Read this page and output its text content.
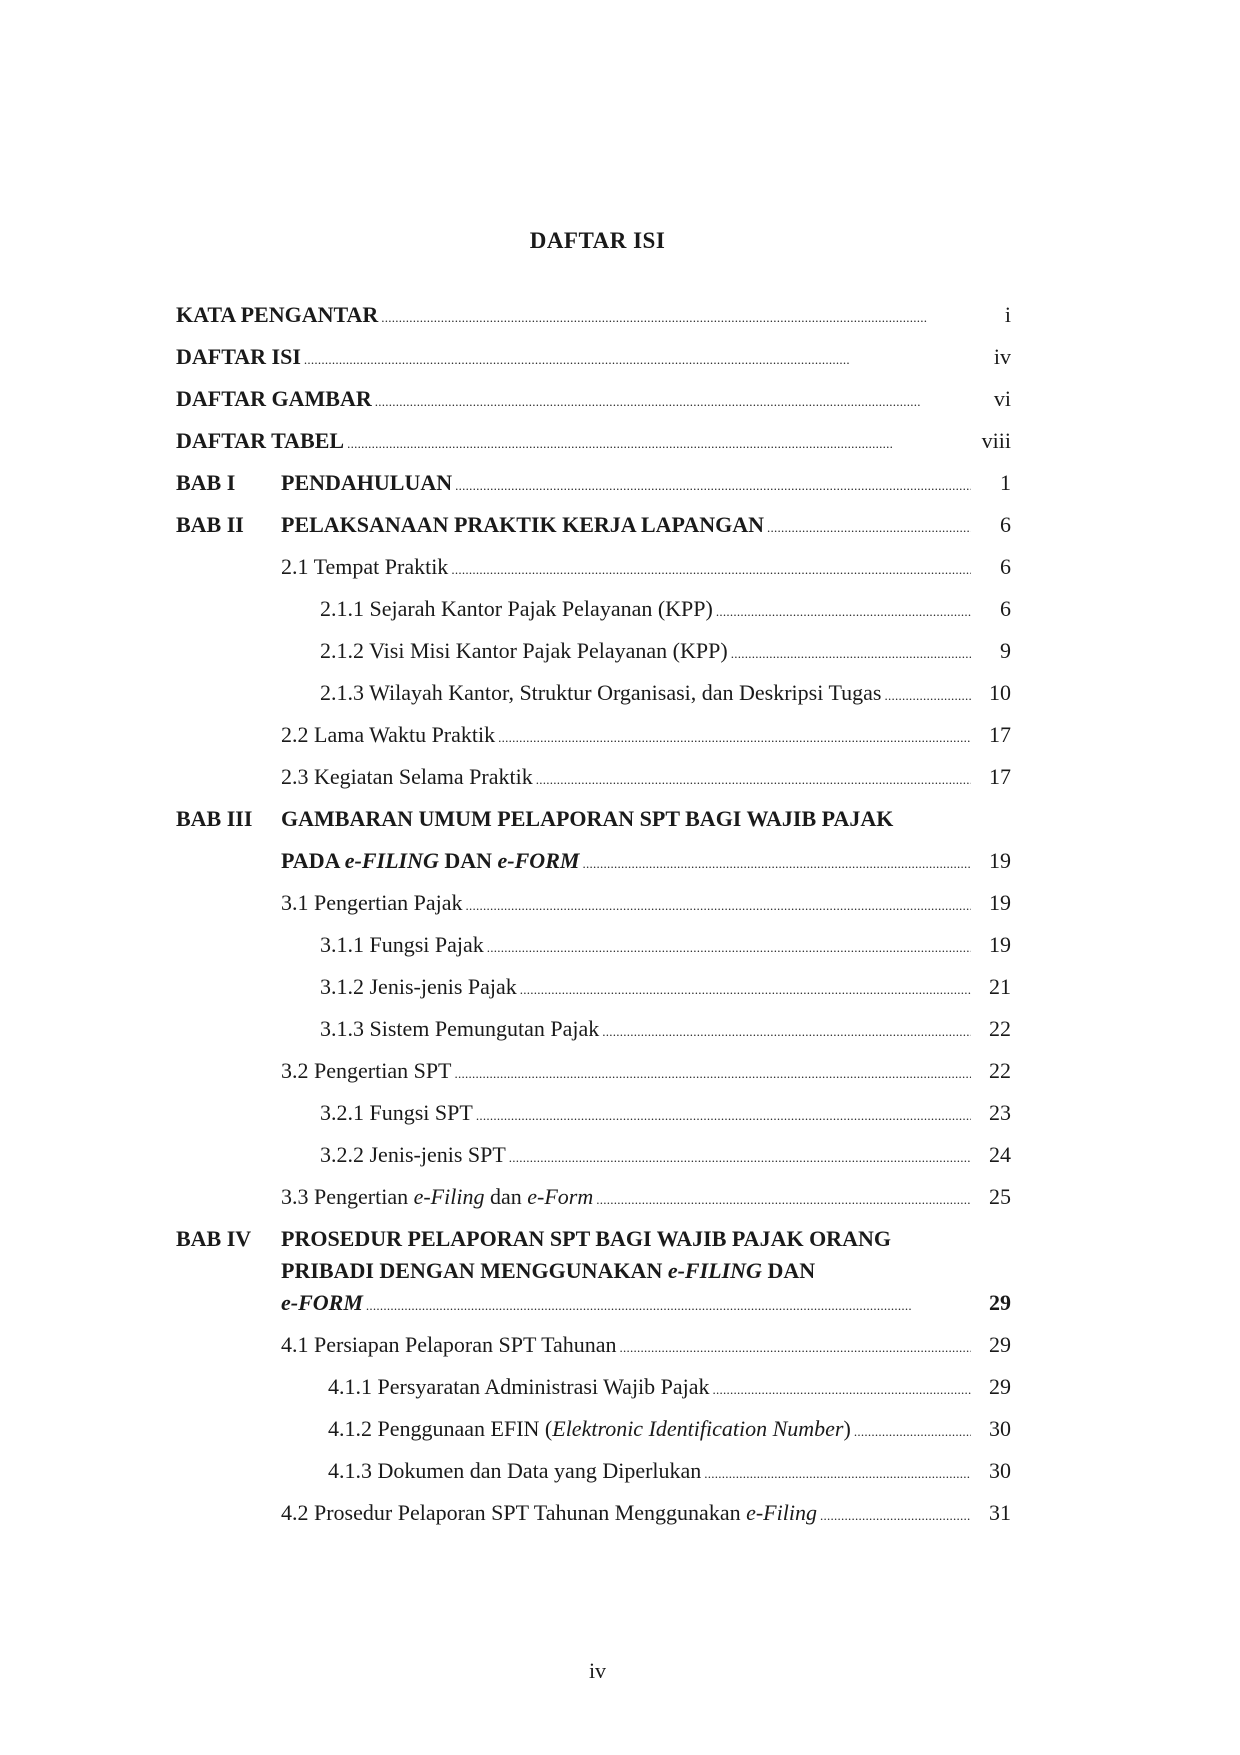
DAFTAR ISI
KATA PENGANTAR . . .	i
DAFTAR ISI . . .	iv
DAFTAR GAMBAR . . .	vi
DAFTAR TABEL . . .	viii
BAB I	PENDAHULUAN . . .	1
BAB II	PELAKSANAAN PRAKTIK KERJA LAPANGAN . . .	6
2.1 Tempat Praktik . . .	6
2.1.1 Sejarah Kantor Pajak Pelayanan (KPP) . . .	6
2.1.2 Visi Misi Kantor Pajak Pelayanan (KPP) . . .	9
2.1.3 Wilayah Kantor, Struktur Organisasi, dan Deskripsi Tugas . . .	10
2.2 Lama Waktu Praktik . . .	17
2.3 Kegiatan Selama Praktik . . .	17
BAB III	GAMBARAN UMUM PELAPORAN SPT BAGI WAJIB PAJAK
PADA e-FILING DAN e-FORM . . .	19
3.1 Pengertian Pajak . . .	19
3.1.1 Fungsi Pajak . . .	19
3.1.2 Jenis-jenis Pajak . . .	21
3.1.3 Sistem Pemungutan Pajak . . .	22
3.2 Pengertian SPT . . .	22
3.2.1 Fungsi SPT . . .	23
3.2.2 Jenis-jenis SPT . . .	24
3.3 Pengertian e-Filing dan e-Form . . .	25
BAB IV	PROSEDUR PELAPORAN SPT BAGI WAJIB PAJAK ORANG
PRIBADI DENGAN MENGGUNAKAN e-FILING DAN
e-FORM . . .	29
4.1 Persiapan Pelaporan SPT Tahunan . . .	29
4.1.1 Persyaratan Administrasi Wajib Pajak . . .	29
4.1.2 Penggunaan EFIN (Elektronic Identification Number) . . .	30
4.1.3 Dokumen dan Data yang Diperlukan . . .	30
4.2 Prosedur Pelaporan SPT Tahunan Menggunakan e-Filing . . .	31
iv
